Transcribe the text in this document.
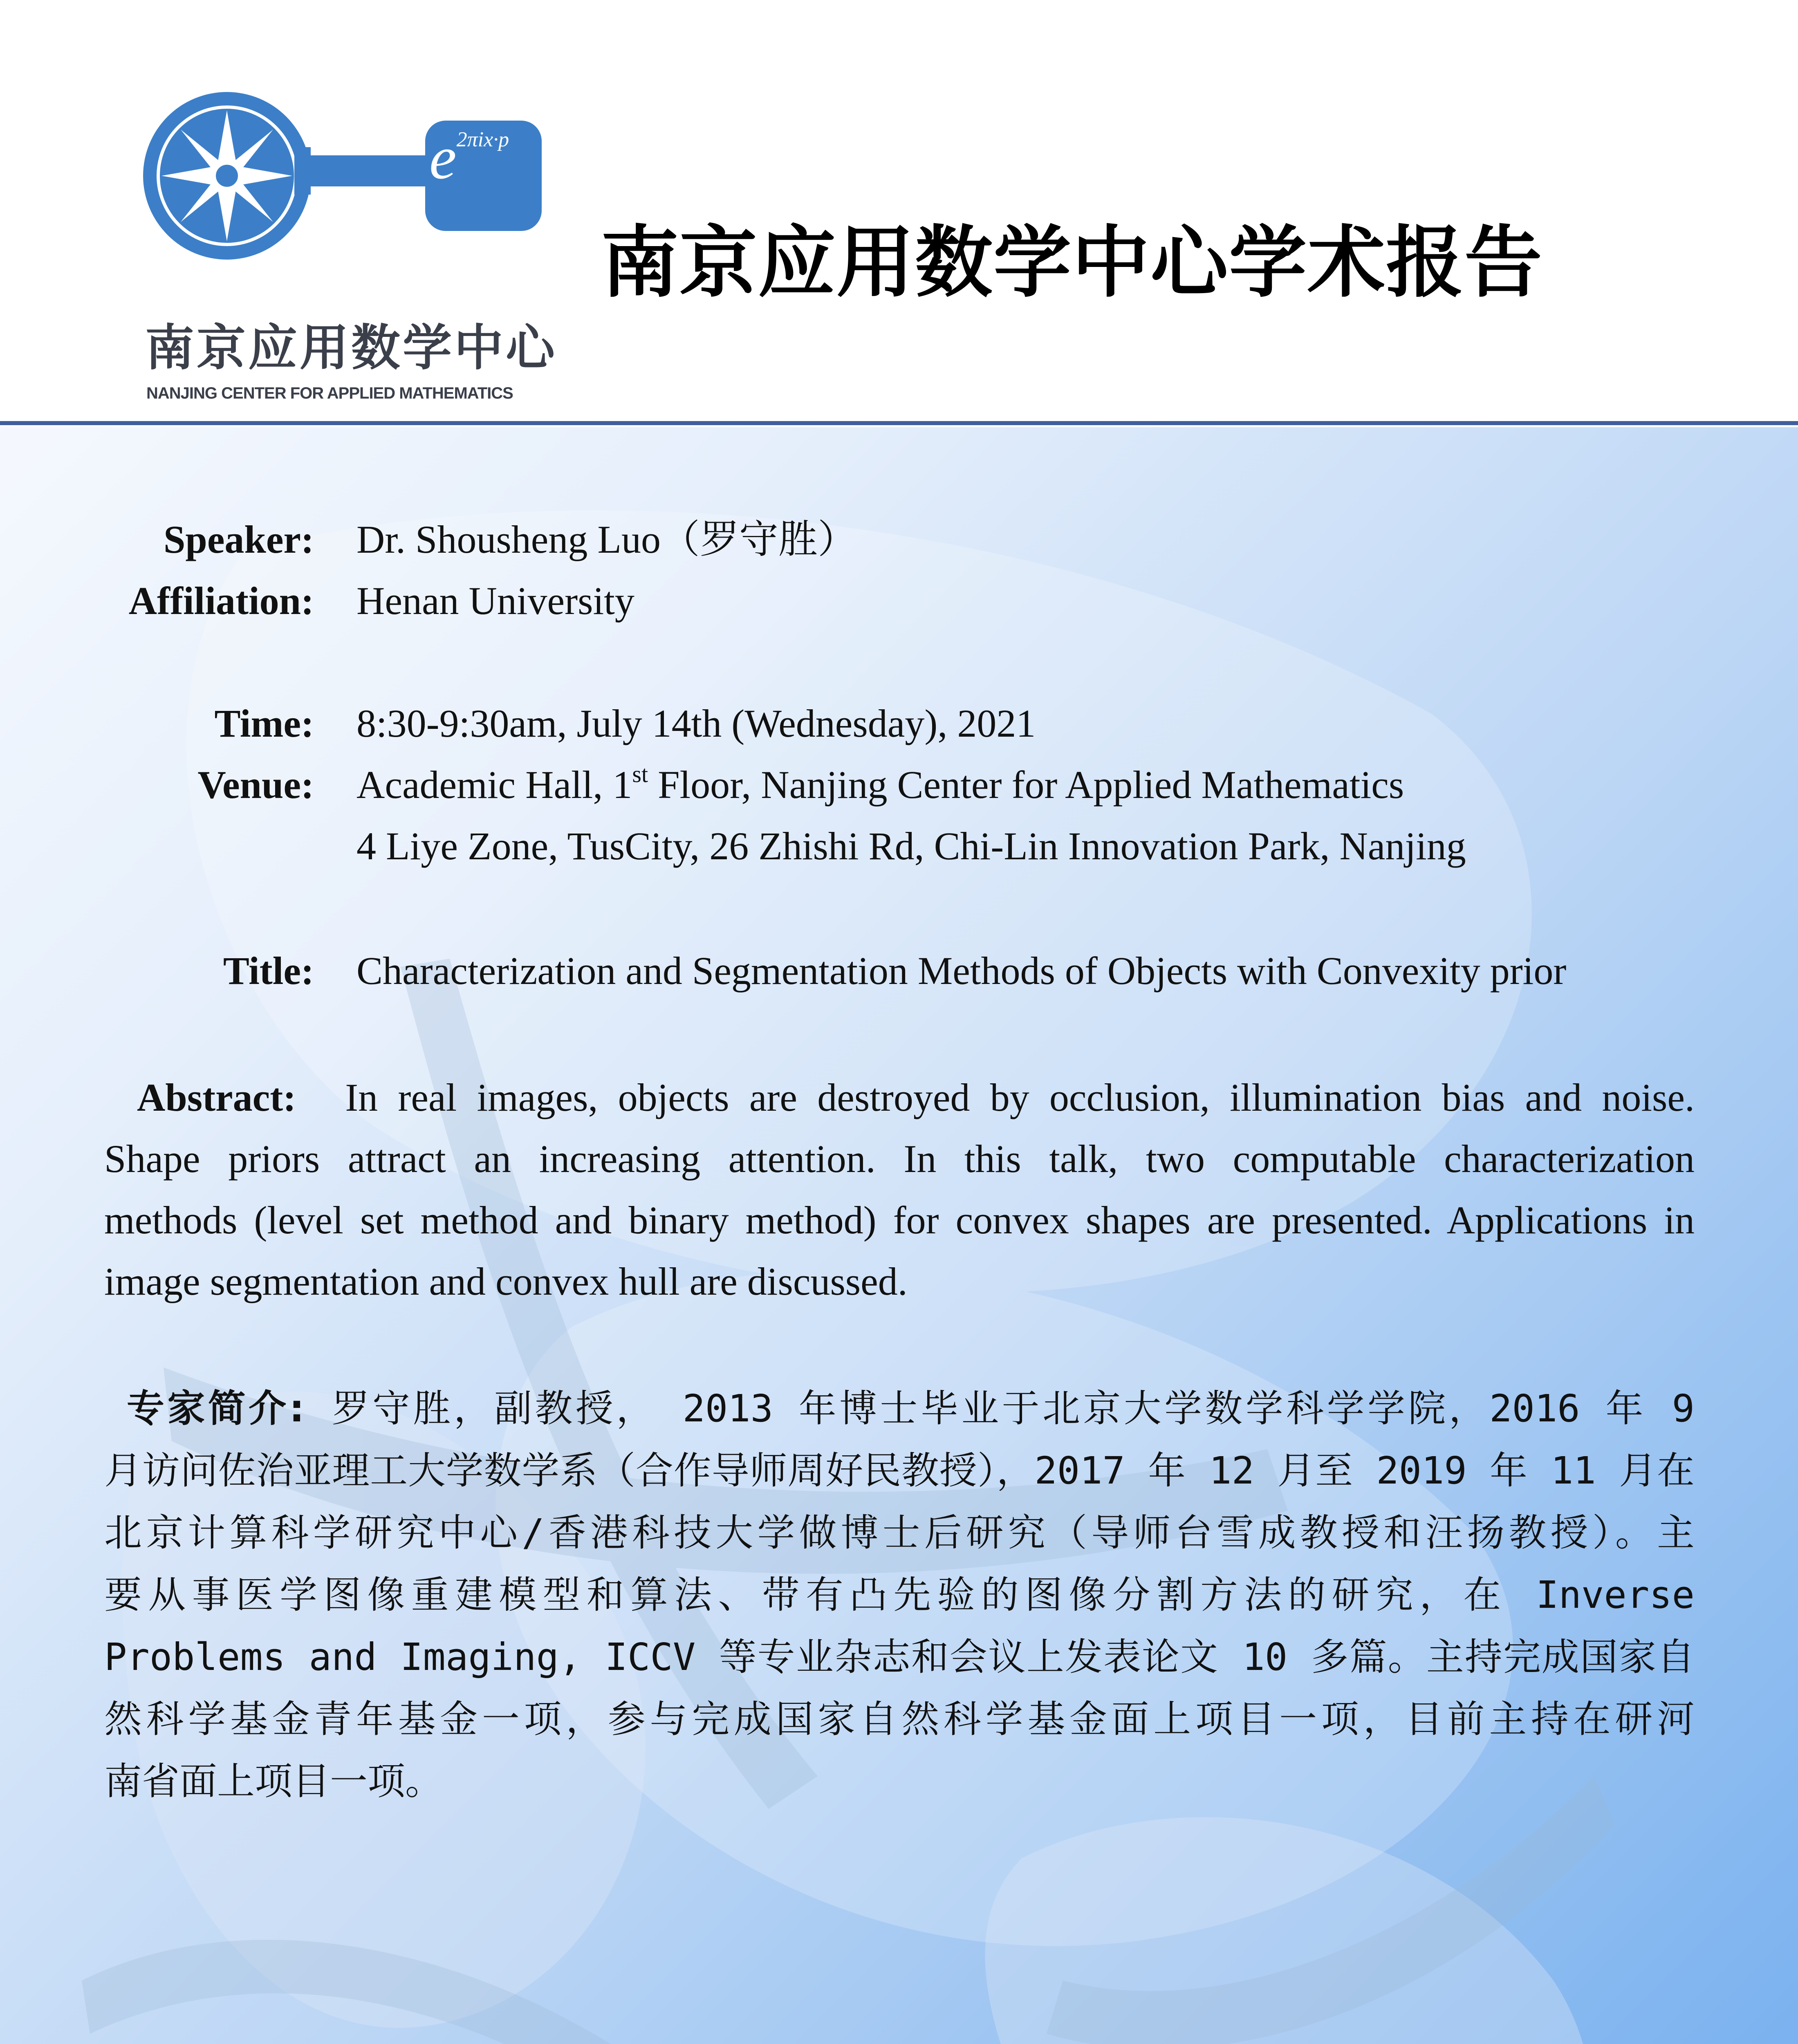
e2πix·p
南京应用数学中心
NANJING CENTER FOR APPLIED MATHEMATICS
南京应用数学中心学术报告
Speaker: Dr. Shousheng Luo（罗守胜）
Affiliation: Henan University
Time: 8:30-9:30am, July 14th (Wednesday), 2021
Venue: Academic Hall, 1st Floor, Nanjing Center for Applied Mathematics
4 Liye Zone, TusCity, 26 Zhishi Rd, Chi-Lin Innovation Park, Nanjing
Title: Characterization and Segmentation Methods of Objects with Convexity prior
Abstract: In real images, objects are destroyed by occlusion, illumination bias and noise.
Shape priors attract an increasing attention. In this talk, two computable characterization
methods (level set method and binary method) for convex shapes are presented. Applications in
image segmentation and convex hull are discussed.
专家简介: 罗守胜，副教授， 2013 年博士毕业于北京大学数学科学学院，2016 年 9
月访问佐治亚理工大学数学系（合作导师周好民教授），2017 年 12 月至 2019 年 11 月在
北京计算科学研究中心/香港科技大学做博士后研究（导师台雪成教授和汪扬教授）。主
要从事医学图像重建模型和算法、带有凸先验的图像分割方法的研究，在 Inverse
Problems and Imaging, ICCV 等专业杂志和会议上发表论文 10 多篇。主持完成国家自
然科学基金青年基金一项，参与完成国家自然科学基金面上项目一项，目前主持在研河
南省面上项目一项。
